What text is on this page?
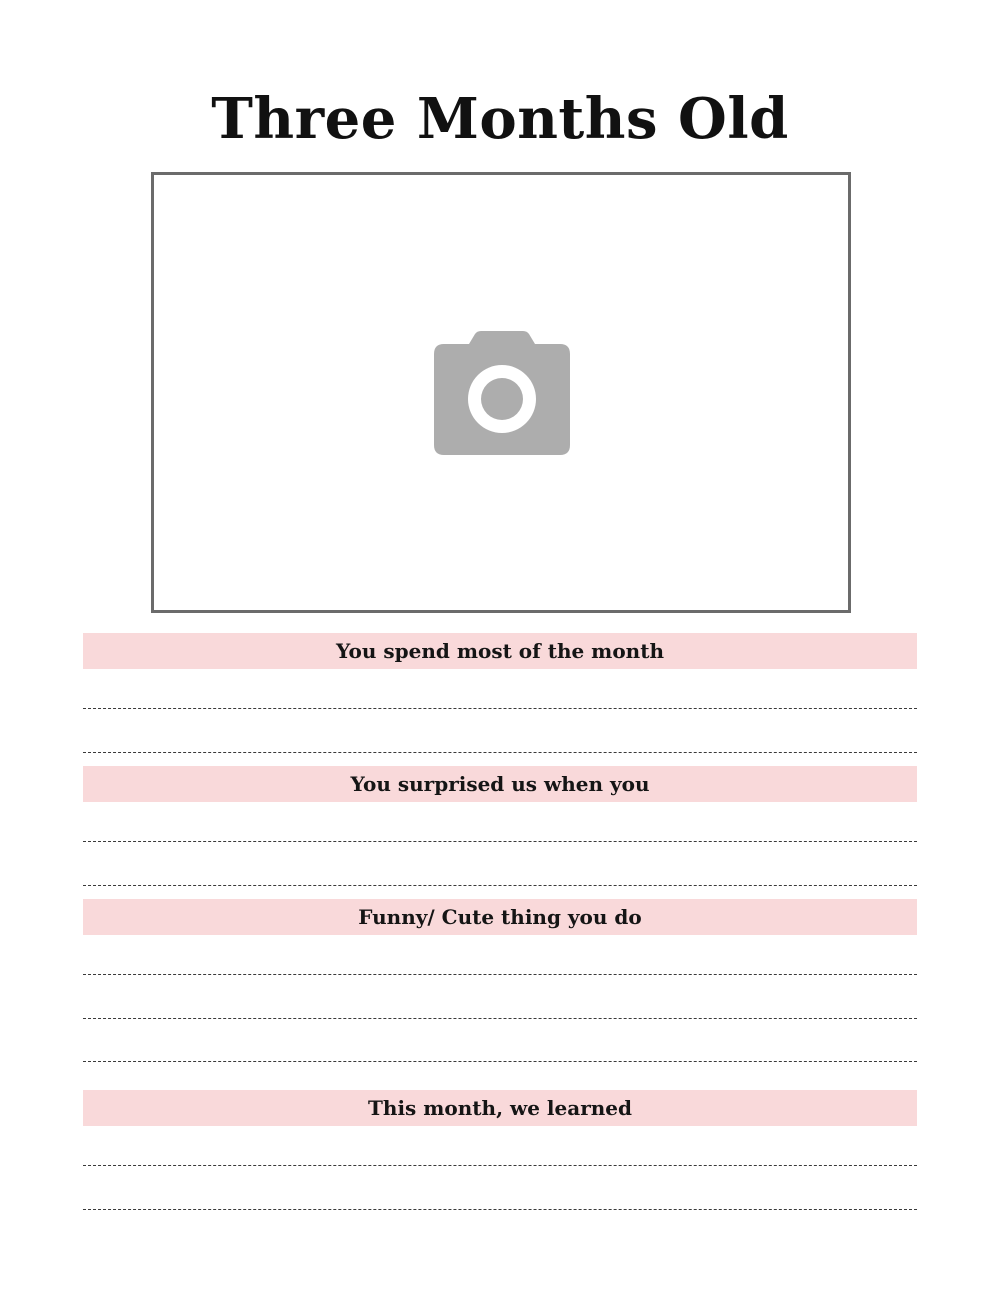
Three Months Old
You spend most of the month
You surprised us when you
Funny/ Cute thing you do
This month, we learned
